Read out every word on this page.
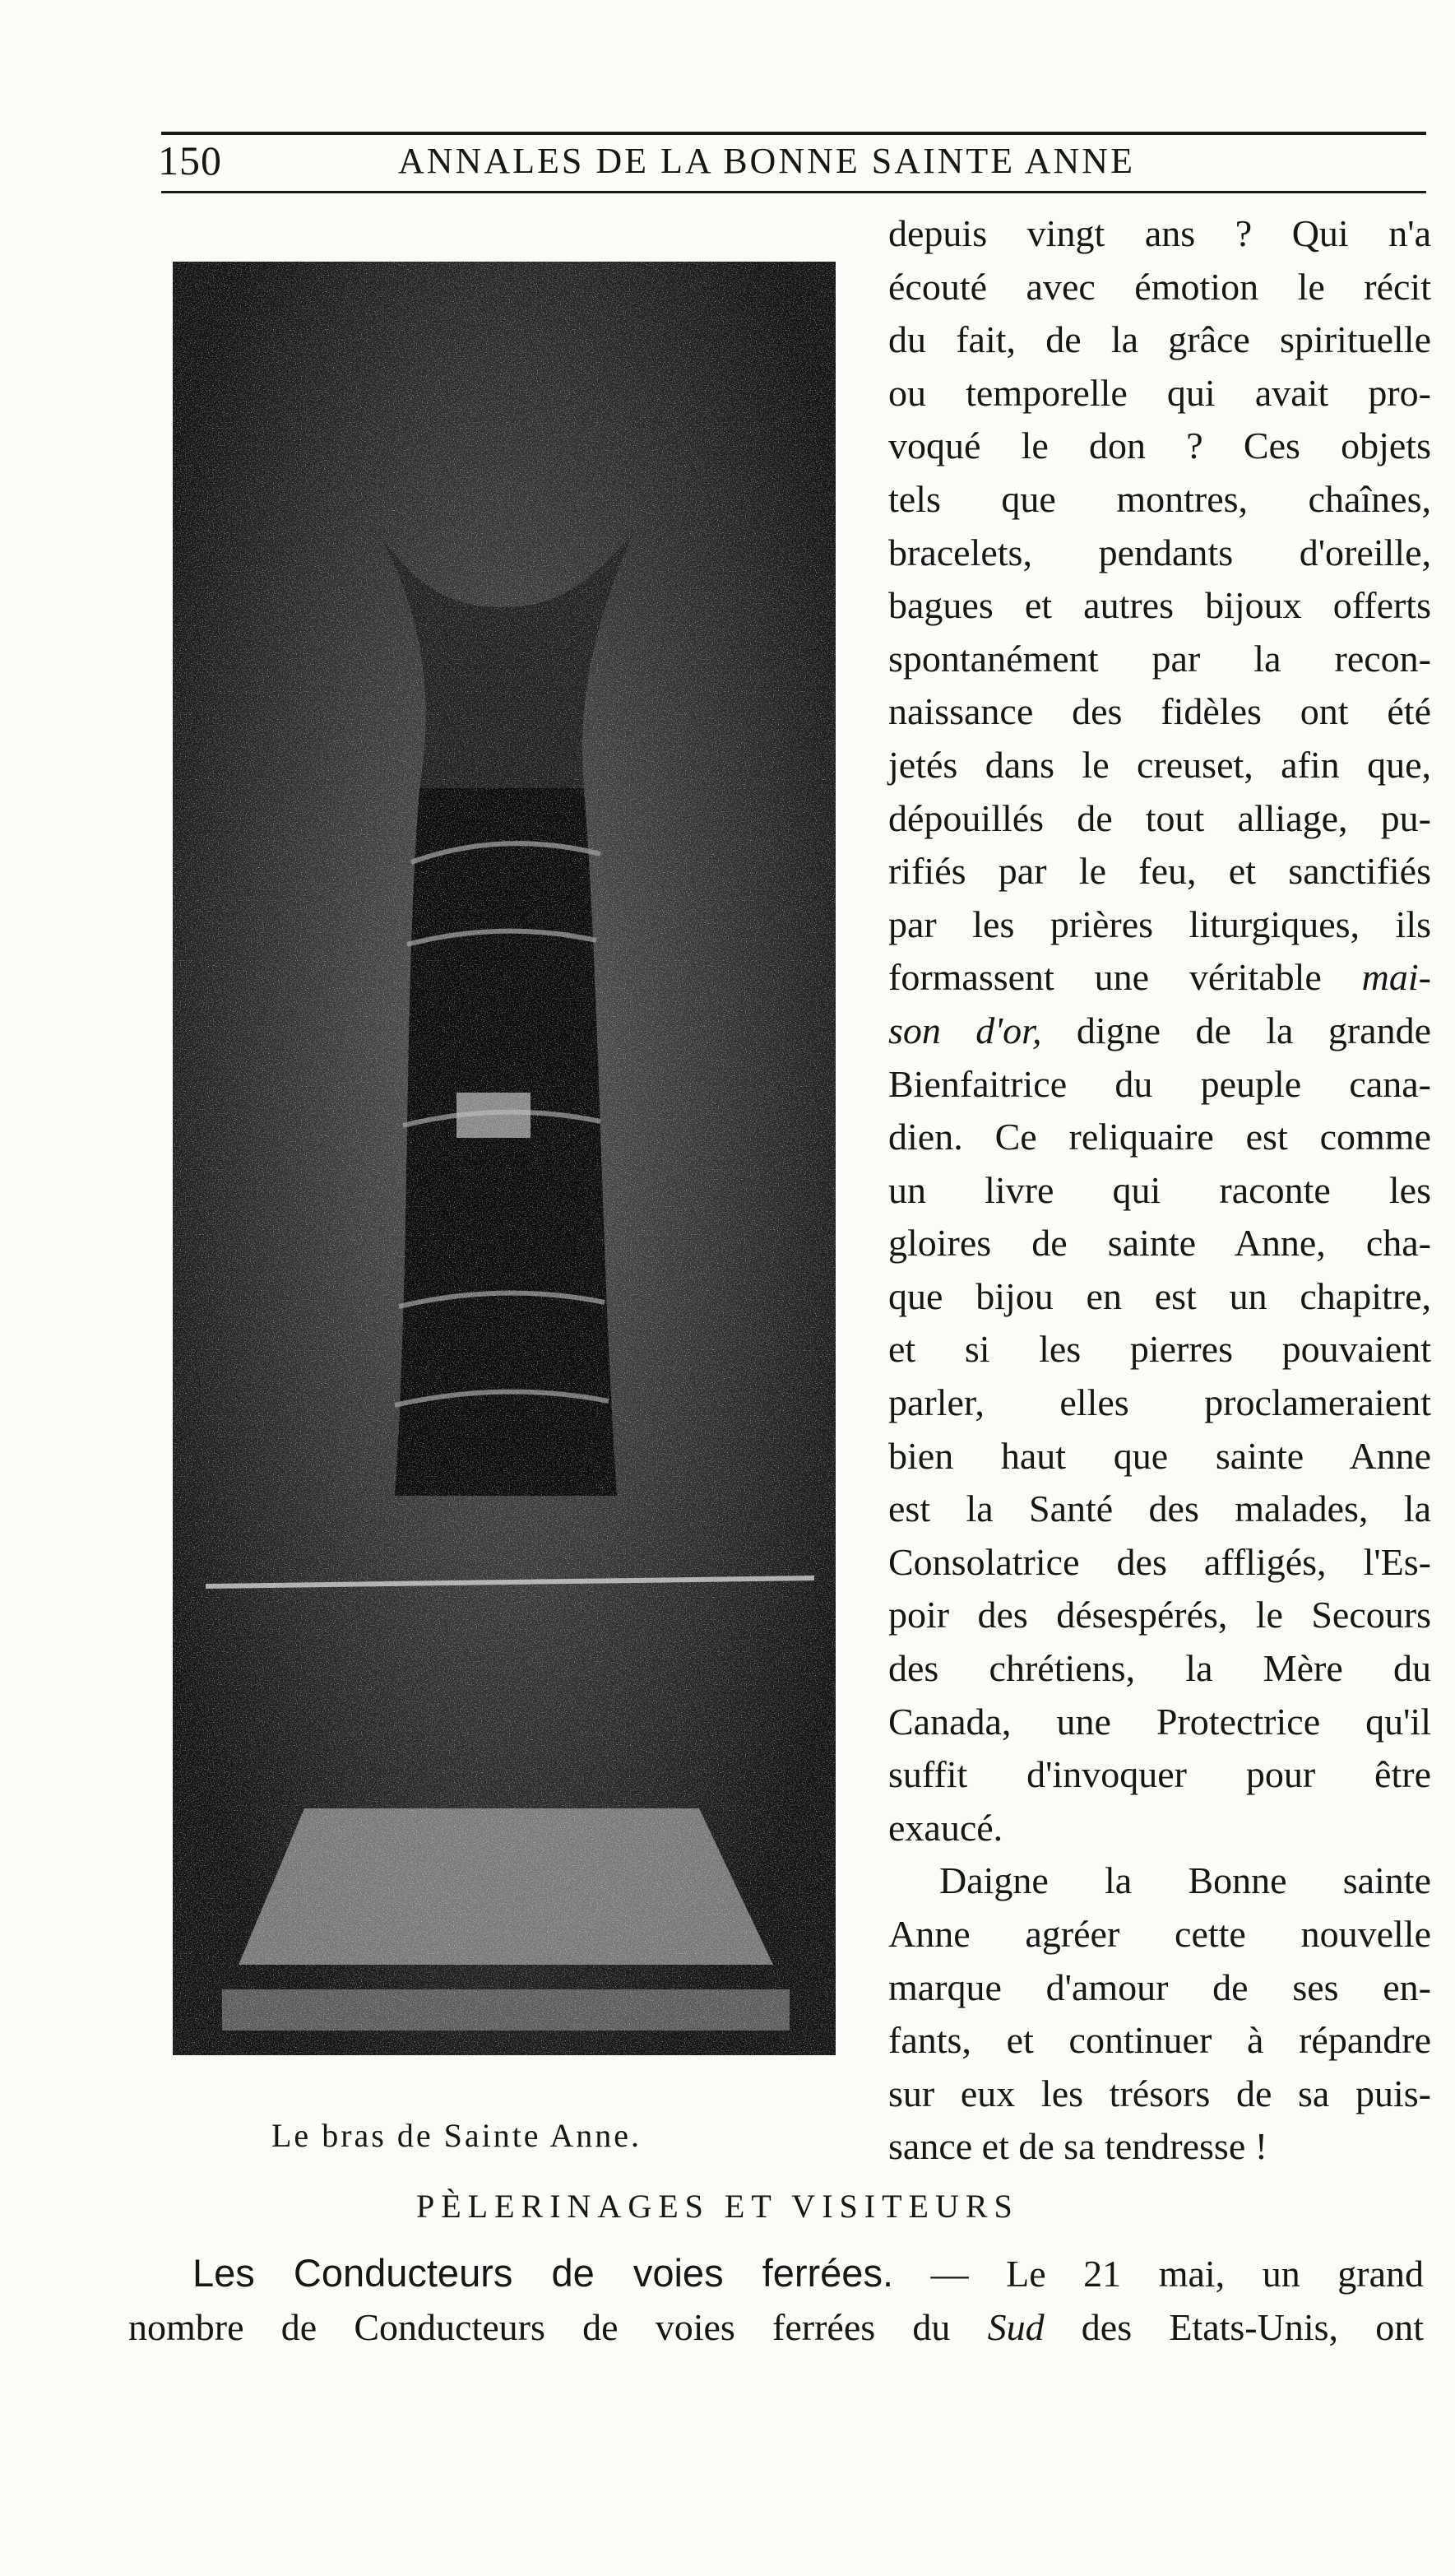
150	ANNALES DE LA BONNE SAINTE ANNE
Le bras de Sainte Anne.
depuis vingt ans ? Qui n'a
écouté avec émotion le récit
du fait, de la grâce spirituelle
ou temporelle qui avait pro-
voqué le don ? Ces objets
tels que montres, chaînes,
bracelets, pendants d'oreille,
bagues et autres bijoux offerts
spontanément par la recon-
naissance des fidèles ont été
jetés dans le creuset, afin que,
dépouillés de tout alliage, pu-
rifiés par le feu, et sanctifiés
par les prières liturgiques, ils
formassent une véritable mai-
son d'or, digne de la grande
Bienfaitrice du peuple cana-
dien. Ce reliquaire est comme
un livre qui raconte les
gloires de sainte Anne, cha-
que bijou en est un chapitre,
et si les pierres pouvaient
parler, elles proclameraient
bien haut que sainte Anne
est la Santé des malades, la
Consolatrice des affligés, l'Es-
poir des désespérés, le Secours
des chrétiens, la Mère du
Canada, une Protectrice qu'il
suffit d'invoquer pour être
exaucé.
Daigne la Bonne sainte
Anne agréer cette nouvelle
marque d'amour de ses en-
fants, et continuer à répandre
sur eux les trésors de sa puis-
sance et de sa tendresse !
PÈLERINAGES ET VISITEURS
Les Conducteurs de voies ferrées. — Le 21 mai, un grand
nombre de Conducteurs de voies ferrées du Sud des Etats-Unis, ont
